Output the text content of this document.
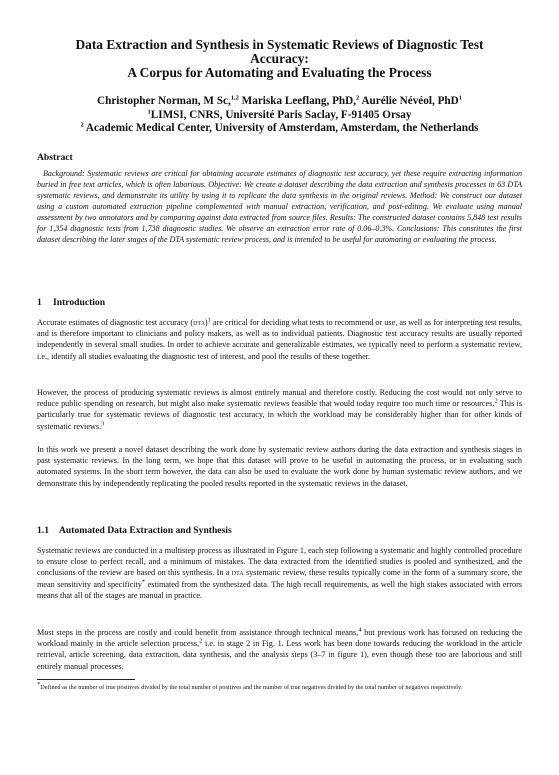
Data Extraction and Synthesis in Systematic Reviews of Diagnostic Test
Accuracy:
A Corpus for Automating and Evaluating the Process
Christopher Norman, M Sc,$^{1,2}$ Mariska Leeflang, PhD,$^2$ Aurélie Névéol, PhD$^1$
$^1$LIMSI, CNRS, Université Paris Saclay, F-91405 Orsay
$^2$ Academic Medical Center, University of Amsterdam, Amsterdam, the Netherlands
Abstract
Background: Systematic reviews are critical for obtaining accurate estimates of diagnostic test accuracy, yet these require extracting information buried in free text articles, which is often laborious. Objective: We create a dataset describing the data extraction and synthesis processes in 63 DTA systematic reviews, and demonstrate its utility by using it to replicate the data synthesis in the original reviews. Method: We construct our dataset using a custom automated extraction pipeline complemented with manual extraction, verification, and post-editing. We evaluate using manual assessment by two annotators and by comparing against data extracted from source files. Results: The constructed dataset contains 5,848 test results for 1,354 diagnostic tests from 1,738 diagnostic studies. We observe an extraction error rate of 0.06–0.3%. Conclusions: This constitutes the first dataset describing the later stages of the DTA systematic review process, and is intended to be useful for automating or evaluating the process.
1 Introduction
Accurate estimates of diagnostic test accuracy (dta)$^1$ are critical for deciding what tests to recommend or use, as well as for interpreting test results, and is therefore important to clinicians and policy makers, as well as to individual patients. Diagnostic test accuracy results are usually reported independently in several small studies. In order to achieve accurate and generalizable estimates, we typically need to perform a systematic review, i.e., identify all studies evaluating the diagnostic test of interest, and pool the results of these together.
However, the process of producing systematic reviews is almost entirely manual and therefore costly. Reducing the cost would not only serve to reduce public spending on research, but might also make systematic reviews feasible that would today require too much time or resources.$^2$ This is particularly true for systematic reviews of diagnostic test accuracy, in which the workload may be considerably higher than for other kinds of systematic reviews.$^3$
In this work we present a novel dataset describing the work done by systematic review authors during the data extraction and synthesis stages in past systematic reviews. In the long term, we hope that this dataset will prove to be useful in automating the process, or in evaluating such automated systems. In the short term however, the data can also be used to evaluate the work done by human systematic review authors, and we demonstrate this by independently replicating the pooled results reported in the systematic reviews in the dataset.
1.1 Automated Data Extraction and Synthesis
Systematic reviews are conducted in a multistep process as illustrated in Figure 1, each step following a systematic and highly controlled procedure to ensure close to perfect recall, and a minimum of mistakes. The data extracted from the identified studies is pooled and synthesized, and the conclusions of the review are based on this synthesis. In a dta systematic review, these results typically come in the form of a summary score, the mean sensitivity and specificity* estimated from the synthesized data. The high recall requirements, as well the high stakes associated with errors means that all of the stages are manual in practice.
Most steps in the process are costly and could benefit from assistance through technical means,$^4$ but previous work has focused on reducing the workload mainly in the article selection process,$^2$ i.e. in stage 2 in Fig. 1. Less work has been done towards reducing the workload in the article retrieval, article screening, data extraction, data synthesis, and the analysis steps (3–7 in figure 1), even though these too are laborious and still entirely manual processes.
*Defined as the number of true positives divided by the total number of positives and the number of true negatives divided by the total number of negatives respectively.
